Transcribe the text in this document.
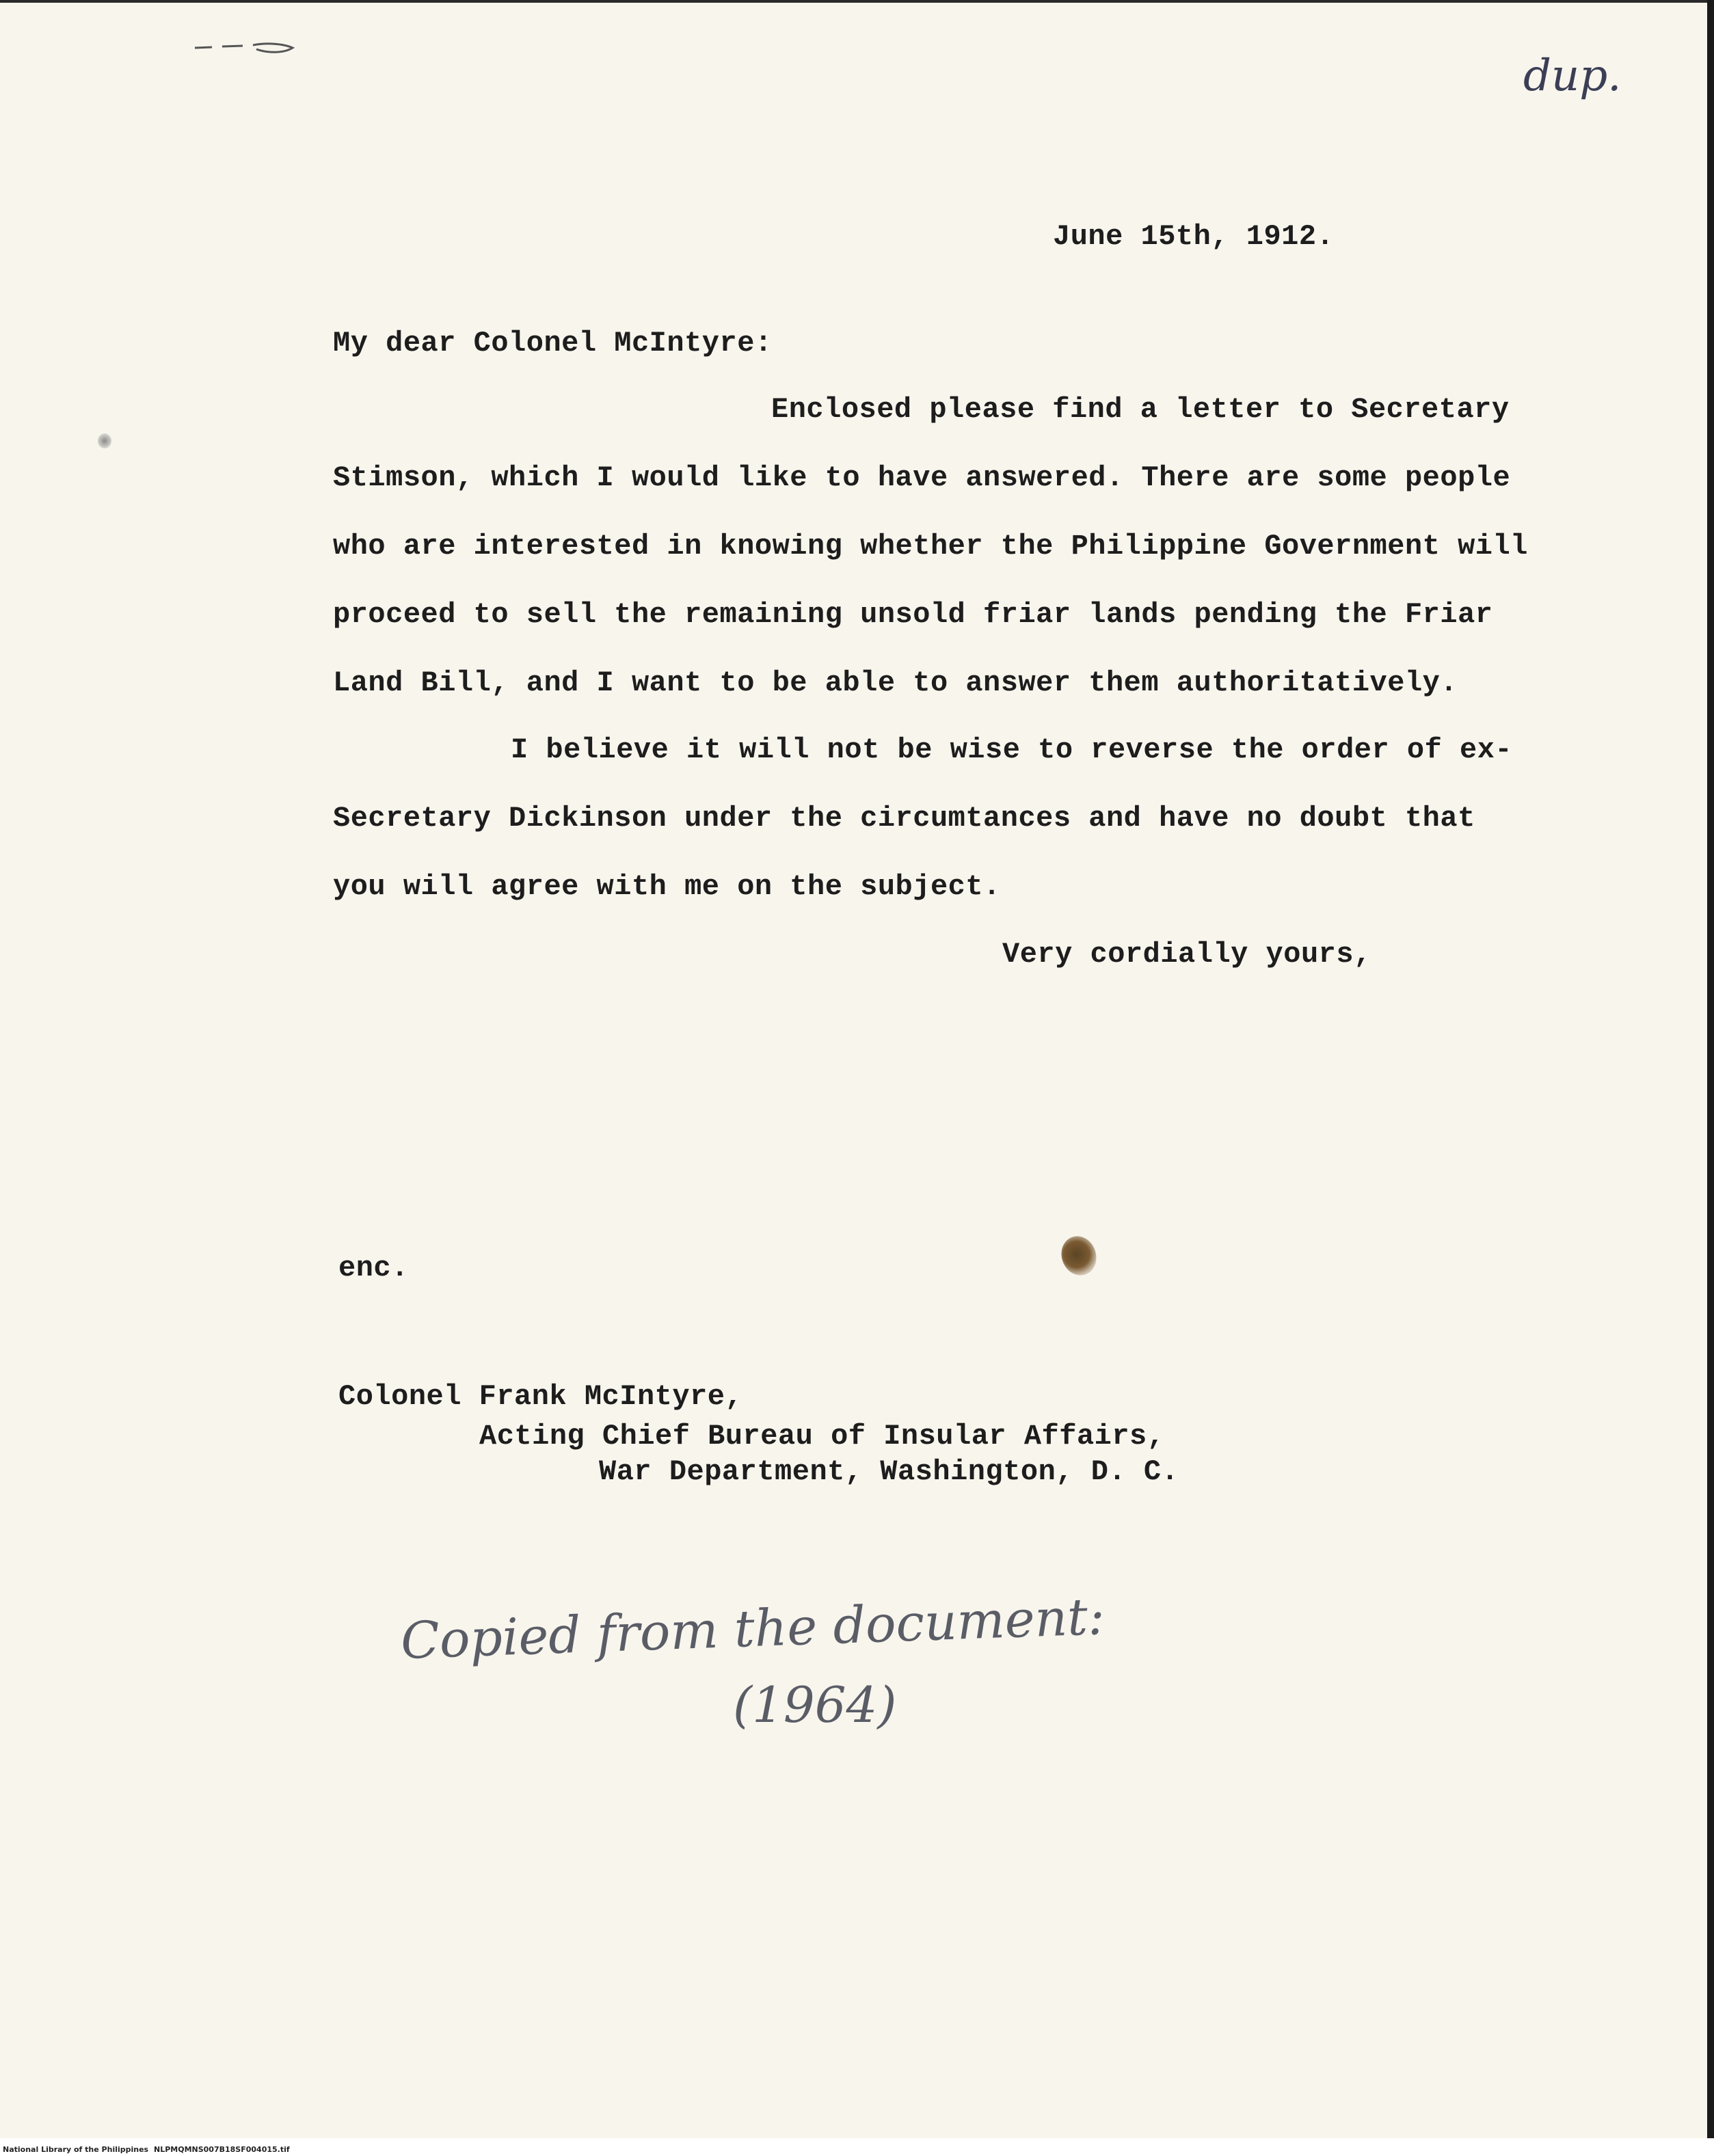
dup.
June 15th, 1912.
My dear Colonel McIntyre:
Enclosed please find a letter to Secretary
Stimson, which I would like to have answered. There are some people
who are interested in knowing whether the Philippine Government will
proceed to sell the remaining unsold friar lands pending the Friar
Land Bill, and I want to be able to answer them authoritatively.
I believe it will not be wise to reverse the order of ex-
Secretary Dickinson under the circumtances and have no doubt that
you will agree with me on the subject.
Very cordially yours,
enc.
Colonel Frank McIntyre,
Acting Chief Bureau of Insular Affairs,
War Department, Washington, D. C.
Copied from the document:
(1964)
National Library of the Philippines NLPMQMNS007B18SF004015.tif
